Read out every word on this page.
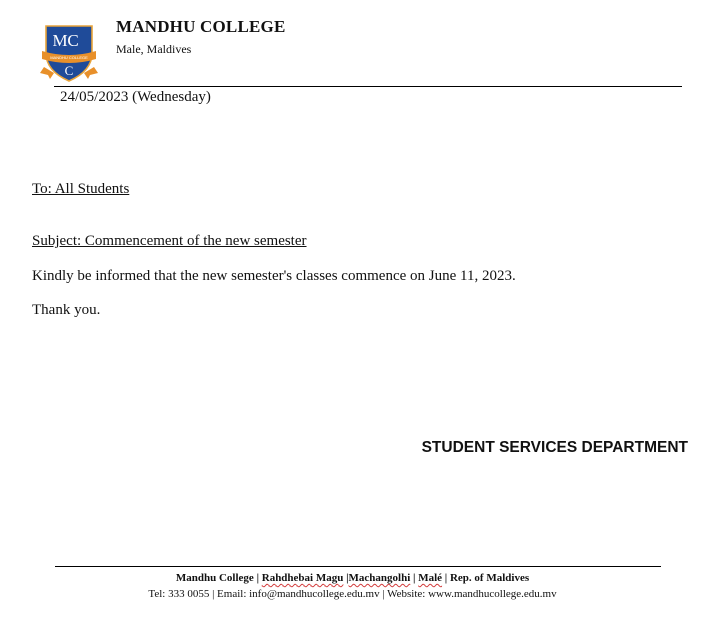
M C
MANDHU COLLEGE
C
MANDHU COLLEGE
Male, Maldives
24/05/2023 (Wednesday)
To: All Students
Subject: Commencement of the new semester
Kindly be informed that the new semester's classes commence on June 11, 2023.
Thank you.
STUDENT SERVICES DEPARTMENT
Mandhu College | Rahdhebai Magu |Machangolhi | Malé | Rep. of Maldives
Tel: 333 0055 | Email: info@mandhucollege.edu.mv | Website: www.mandhucollege.edu.mv
